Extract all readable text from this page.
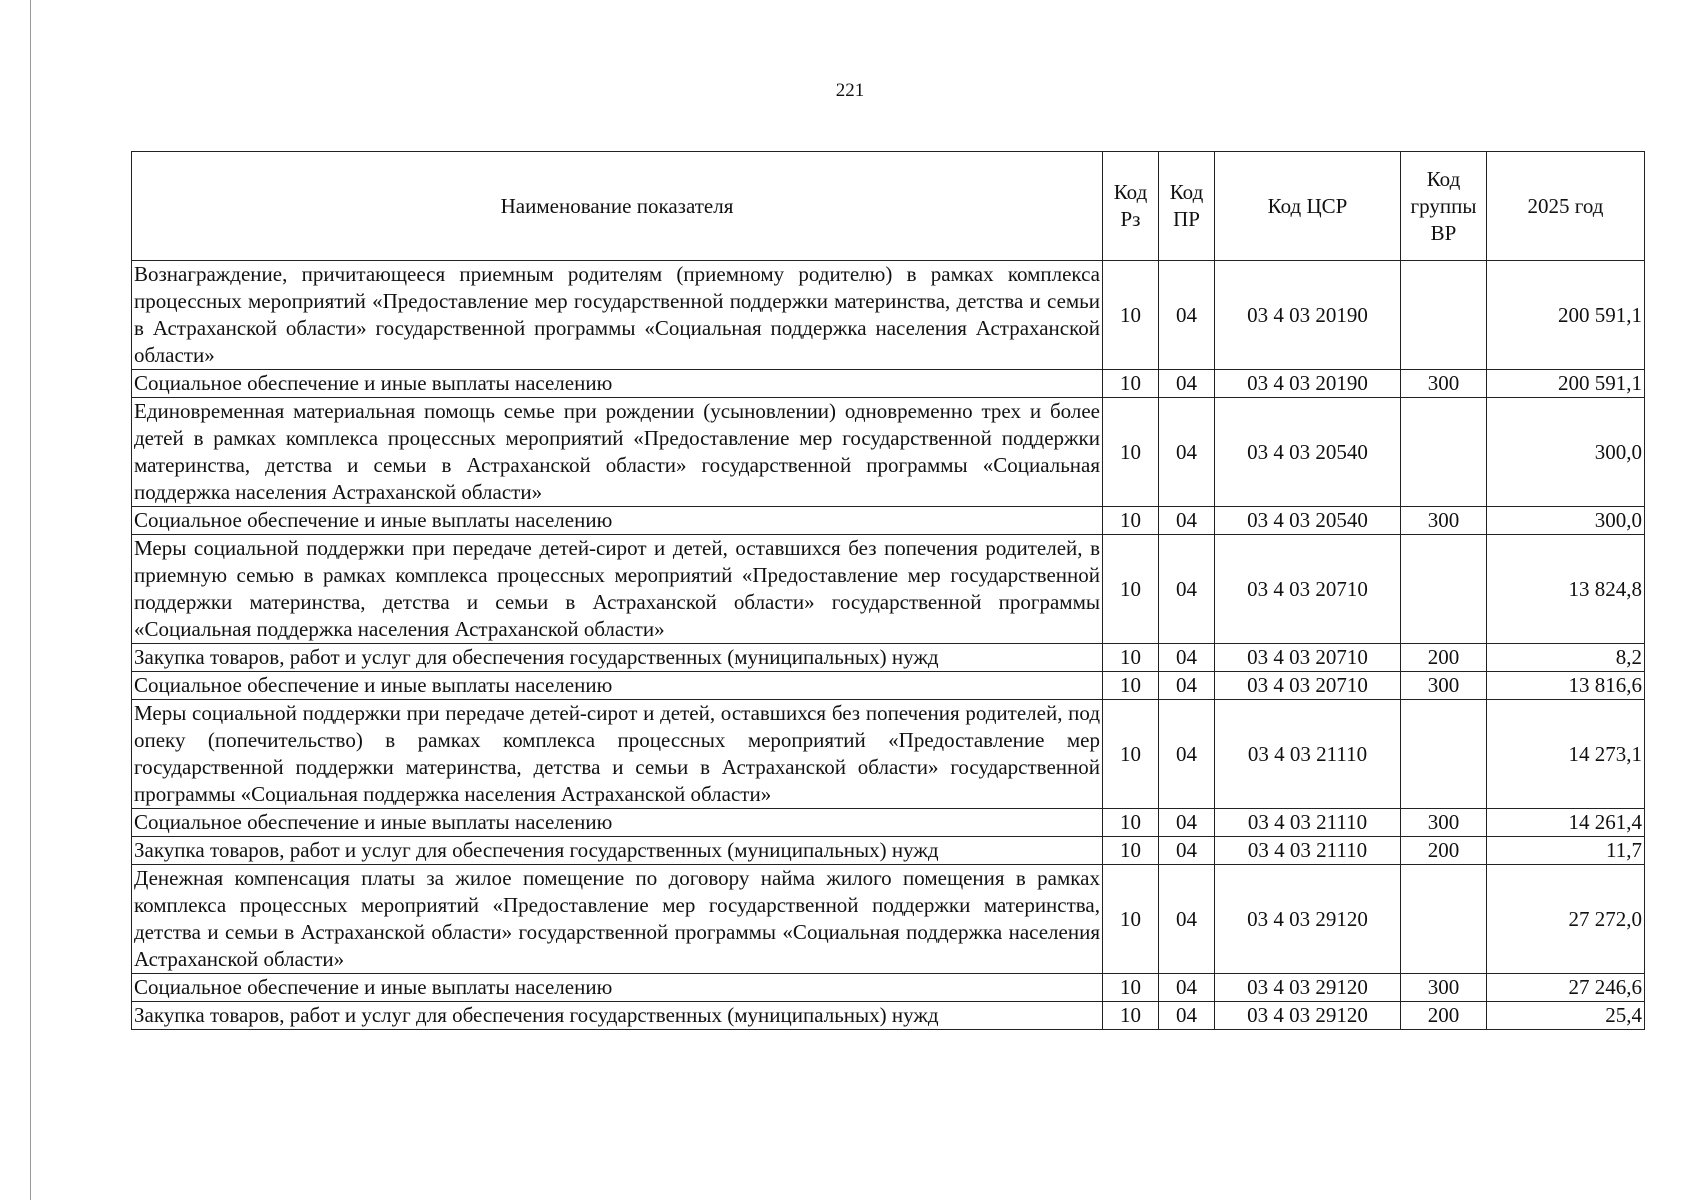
221
Наименование показателя	Код Рз	Код ПР	Код ЦСР	Код группы ВР	2025 год
Вознаграждение, причитающееся приемным родителям (приемному родителю) в рамках комплекса процессных мероприятий «Предоставление мер государственной поддержки материнства, детства и семьи в Астраханской области» государственной программы «Социальная поддержка населения Астраханской области»	10	04	03 4 03 20190		200 591,1
Социальное обеспечение и иные выплаты населению	10	04	03 4 03 20190	300	200 591,1
Единовременная материальная помощь семье при рождении (усыновлении) одновременно трех и более детей в рамках комплекса процессных мероприятий «Предоставление мер государственной поддержки материнства, детства и семьи в Астраханской области» государственной программы «Социальная поддержка населения Астраханской области»	10	04	03 4 03 20540		300,0
Социальное обеспечение и иные выплаты населению	10	04	03 4 03 20540	300	300,0
Меры социальной поддержки при передаче детей-сирот и детей, оставшихся без попечения родителей, в приемную семью в рамках комплекса процессных мероприятий «Предоставление мер государственной поддержки материнства, детства и семьи в Астраханской области» государственной программы «Социальная поддержка населения Астраханской области»	10	04	03 4 03 20710		13 824,8
Закупка товаров, работ и услуг для обеспечения государственных (муниципальных) нужд	10	04	03 4 03 20710	200	8,2
Социальное обеспечение и иные выплаты населению	10	04	03 4 03 20710	300	13 816,6
Меры социальной поддержки при передаче детей-сирот и детей, оставшихся без попечения родителей, под опеку (попечительство) в рамках комплекса процессных мероприятий «Предоставление мер государственной поддержки материнства, детства и семьи в Астраханской области» государственной программы «Социальная поддержка населения Астраханской области»	10	04	03 4 03 21110		14 273,1
Социальное обеспечение и иные выплаты населению	10	04	03 4 03 21110	300	14 261,4
Закупка товаров, работ и услуг для обеспечения государственных (муниципальных) нужд	10	04	03 4 03 21110	200	11,7
Денежная компенсация платы за жилое помещение по договору найма жилого помещения в рамках комплекса процессных мероприятий «Предоставление мер государственной поддержки материнства, детства и семьи в Астраханской области» государственной программы «Социальная поддержка населения Астраханской области»	10	04	03 4 03 29120		27 272,0
Социальное обеспечение и иные выплаты населению	10	04	03 4 03 29120	300	27 246,6
Закупка товаров, работ и услуг для обеспечения государственных (муниципальных) нужд	10	04	03 4 03 29120	200	25,4
